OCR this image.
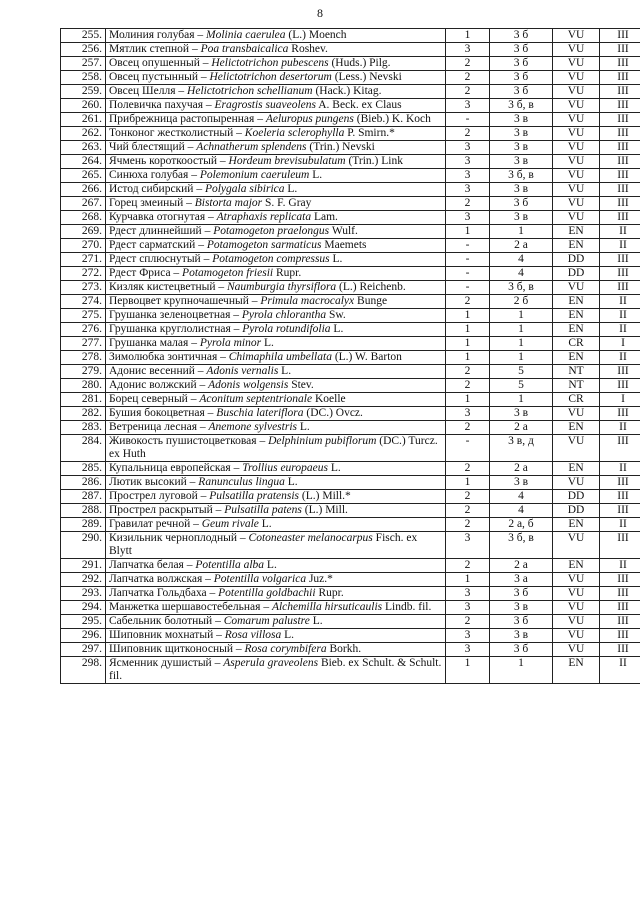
8
255.	Молиния голубая – Molinia caerulea (L.) Moench	1	3 б	VU	III
256.	Мятлик степной – Poa transbaicalica Roshev.	3	3 б	VU	III
257.	Овсец опушенный – Helictotrichon pubescens (Huds.) Pilg.	2	3 б	VU	III
258.	Овсец пустынный – Helictotrichon desertorum (Less.) Nevski	2	3 б	VU	III
259.	Овсец Шелля – Helictotrichon schellianum (Hack.) Kitag.	2	3 б	VU	III
260.	Полевичка пахучая – Eragrostis suaveolens A. Beck. ex Claus	3	3 б, в	VU	III
261.	Прибрежница растопыренная – Aeluropus pungens (Bieb.) K. Koch	-	3 в	VU	III
262.	Тонконог жестколистный – Koeleria sclerophylla P. Smirn.*	2	3 в	VU	III
263.	Чий блестящий – Achnatherum splendens (Trin.) Nevski	3	3 в	VU	III
264.	Ячмень короткоостый – Hordeum brevisubulatum (Trin.) Link	3	3 в	VU	III
265.	Синюха голубая – Polemonium caeruleum L.	3	3 б, в	VU	III
266.	Истод сибирский – Polygala sibirica L.	3	3 в	VU	III
267.	Горец змеиный – Bistorta major S. F. Gray	2	3 б	VU	III
268.	Курчавка отогнутая – Atraphaxis replicata Lam.	3	3 в	VU	III
269.	Рдест длиннейший – Potamogeton praelongus Wulf.	1	1	EN	II
270.	Рдест сарматский – Potamogeton sarmaticus Maemets	-	2 а	EN	II
271.	Рдест сплюснутый – Potamogeton compressus L.	-	4	DD	III
272.	Рдест Фриса – Potamogeton friesii Rupr.	-	4	DD	III
273.	Кизляк кистецветный – Naumburgia thyrsiflora (L.) Reichenb.	-	3 б, в	VU	III
274.	Первоцвет крупночашечный – Primula macrocalyx Bunge	2	2 б	EN	II
275.	Грушанка зеленоцветная – Pyrola chlorantha Sw.	1	1	EN	II
276.	Грушанка круглолистная – Pyrola rotundifolia L.	1	1	EN	II
277.	Грушанка малая – Pyrola minor L.	1	1	CR	I
278.	Зимолюбка зонтичная – Chimaphila umbellata (L.) W. Barton	1	1	EN	II
279.	Адонис весенний – Adonis vernalis L.	2	5	NT	III
280.	Адонис волжский – Adonis wolgensis Stev.	2	5	NT	III
281.	Борец северный – Aconitum septentrionale Koelle	1	1	CR	I
282.	Бушия бокоцветная – Buschia lateriflora (DC.) Ovcz.	3	3 в	VU	III
283.	Ветреница лесная – Anemone sylvestris L.	2	2 а	EN	II
284.	Живокость пушистоцветковая – Delphinium pubiflorum (DC.) Turcz. ex Huth	-	3 в, д	VU	III
285.	Купальница европейская – Trollius europaeus L.	2	2 а	EN	II
286.	Лютик высокий – Ranunculus lingua L.	1	3 в	VU	III
287.	Прострел луговой – Pulsatilla pratensis (L.) Mill.*	2	4	DD	III
288.	Прострел раскрытый – Pulsatilla patens (L.) Mill.	2	4	DD	III
289.	Гравилат речной – Geum rivale L.	2	2 а, б	EN	II
290.	Кизильник черноплодный – Cotoneaster melanocarpus Fisch. ex Blytt	3	3 б, в	VU	III
291.	Лапчатка белая – Potentilla alba L.	2	2 а	EN	II
292.	Лапчатка волжская – Potentilla volgarica Juz.*	1	3 а	VU	III
293.	Лапчатка Гольдбаха – Potentilla goldbachii Rupr.	3	3 б	VU	III
294.	Манжетка шершавостебельная – Alchemilla hirsuticaulis Lindb. fil.	3	3 в	VU	III
295.	Сабельник болотный – Comarum palustre L.	2	3 б	VU	III
296.	Шиповник мохнатый – Rosa villosa L.	3	3 в	VU	III
297.	Шиповник щитконосный – Rosa corymbifera Borkh.	3	3 б	VU	III
298.	Ясменник душистый – Asperula graveolens Bieb. ex Schult. & Schult. fil.	1	1	EN	II
